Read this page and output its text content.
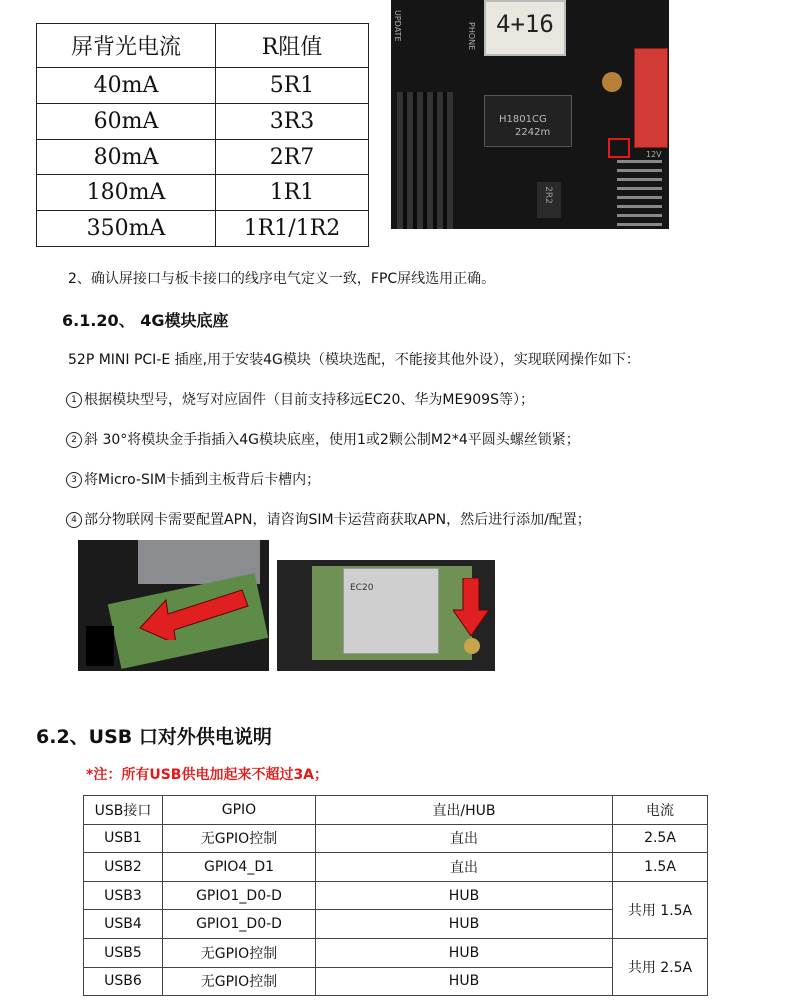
屏背光电流	R阻值
40mA	5R1
60mA	3R3
80mA	2R7
180mA	1R1
350mA	1R1/1R2
4+16
UPDATE	PHONE
H1801CG
2242m
2R2
12V
2、确认屏接口与板卡接口的线序电气定义一致，FPC屏线选用正确。
6.1.20、 4G模块底座
52P MINI PCI-E 插座,用于安装4G模块（模块选配，不能接其他外设），实现联网操作如下：
1 根据模块型号，烧写对应固件（目前支持移远EC20、华为ME909S等）；
2 斜 30°将模块金手指插入4G模块底座，使用1或2颗公制M2*4平圆头螺丝锁紧；
3 将Micro-SIM卡插到主板背后卡槽内；
4 部分物联网卡需要配置APN，请咨询SIM卡运营商获取APN，然后进行添加/配置；
EC20
6.2、USB 口对外供电说明
*注：所有USB供电加起来不超过3A；
USB接口	GPIO	直出/HUB	电流
USB1	无GPIO控制	直出	2.5A
USB2	GPIO4_D1	直出	1.5A
USB3	GPIO1_D0-D	HUB	共用 1.5A
USB4	GPIO1_D0-D	HUB	
USB5	无GPIO控制	HUB	共用 2.5A
USB6	无GPIO控制	HUB	
